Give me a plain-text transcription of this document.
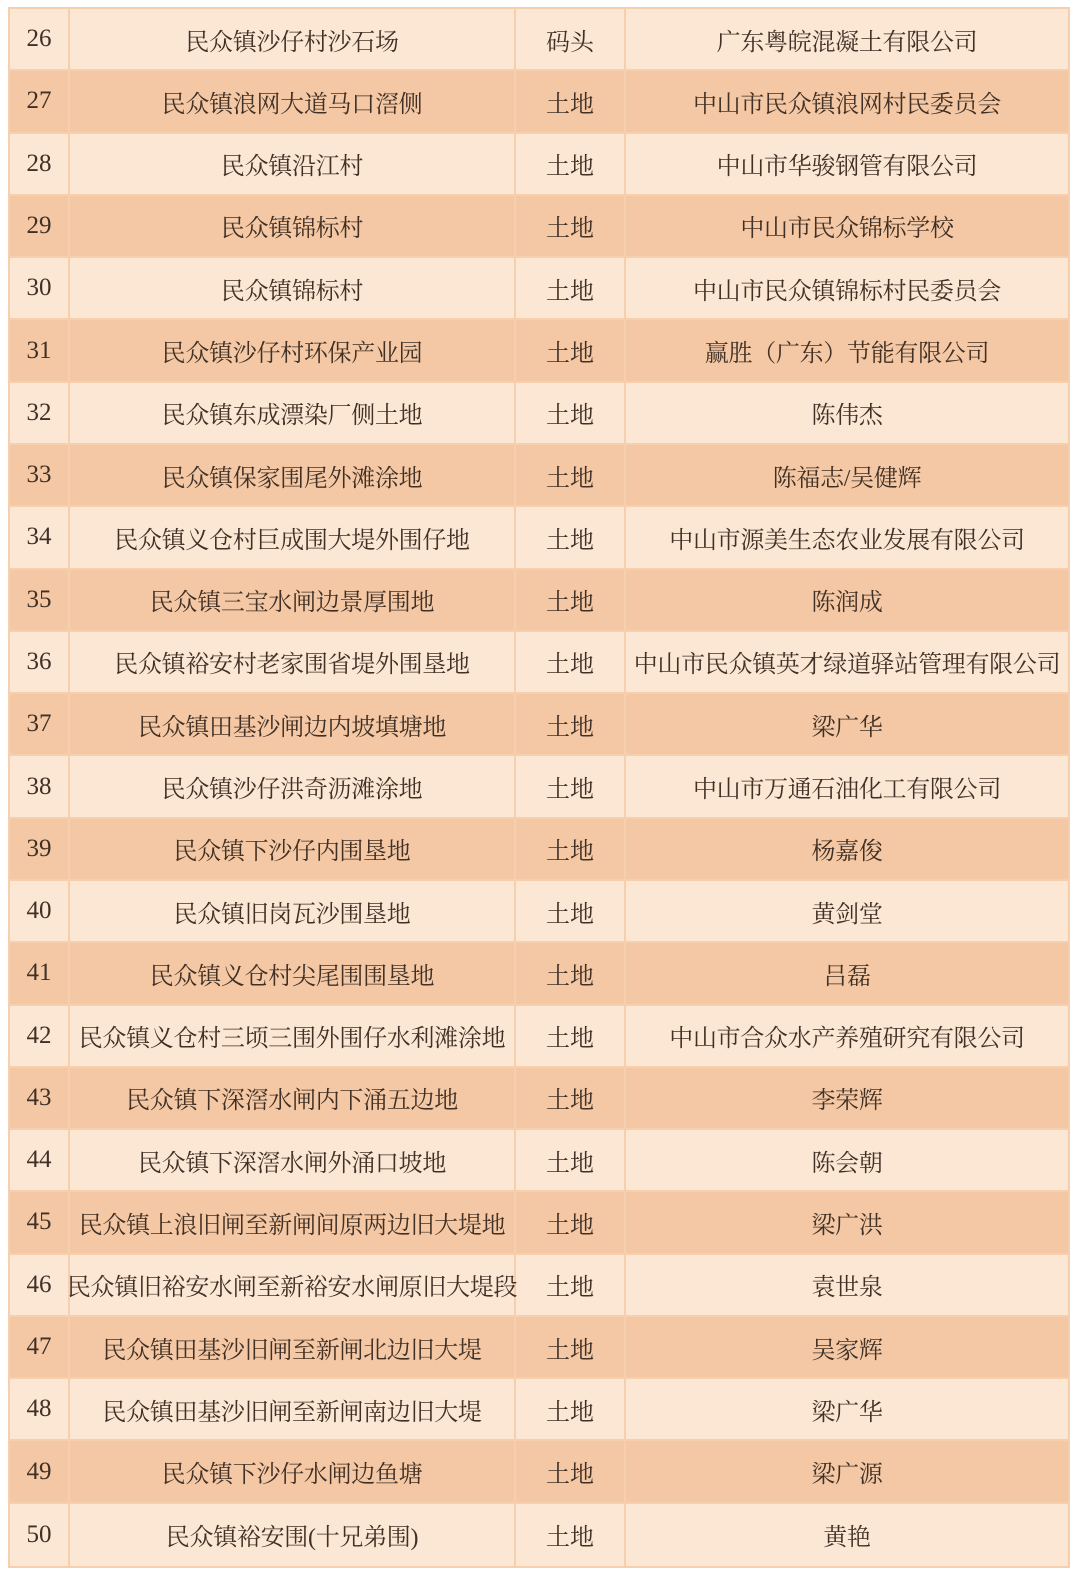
26	民众镇沙仔村沙石场	码头	广东粤皖混凝土有限公司
27	民众镇浪网大道马口滘侧	土地	中山市民众镇浪网村民委员会
28	民众镇沿江村	土地	中山市华骏钢管有限公司
29	民众镇锦标村	土地	中山市民众锦标学校
30	民众镇锦标村	土地	中山市民众镇锦标村民委员会
31	民众镇沙仔村环保产业园	土地	赢胜（广东）节能有限公司
32	民众镇东成漂染厂侧土地	土地	陈伟杰
33	民众镇保家围尾外滩涂地	土地	陈福志/吴健辉
34	民众镇义仓村巨成围大堤外围仔地	土地	中山市源美生态农业发展有限公司
35	民众镇三宝水闸边景厚围地	土地	陈润成
36	民众镇裕安村老家围省堤外围垦地	土地	中山市民众镇英才绿道驿站管理有限公司
37	民众镇田基沙闸边内坡填塘地	土地	梁广华
38	民众镇沙仔洪奇沥滩涂地	土地	中山市万通石油化工有限公司
39	民众镇下沙仔内围垦地	土地	杨嘉俊
40	民众镇旧岗瓦沙围垦地	土地	黄剑堂
41	民众镇义仓村尖尾围围垦地	土地	吕磊
42	民众镇义仓村三顷三围外围仔水利滩涂地	土地	中山市合众水产养殖研究有限公司
43	民众镇下深滘水闸内下涌五边地	土地	李荣辉
44	民众镇下深滘水闸外涌口坡地	土地	陈会朝
45	民众镇上浪旧闸至新闸间原两边旧大堤地	土地	梁广洪
46 民众镇旧裕安水闸至新裕安水闸原旧大堤段	土地	袁世泉
47	民众镇田基沙旧闸至新闸北边旧大堤	土地	吴家辉
48	民众镇田基沙旧闸至新闸南边旧大堤	土地	梁广华
49	民众镇下沙仔水闸边鱼塘	土地	梁广源
50	民众镇裕安围(十兄弟围)	土地	黄艳
